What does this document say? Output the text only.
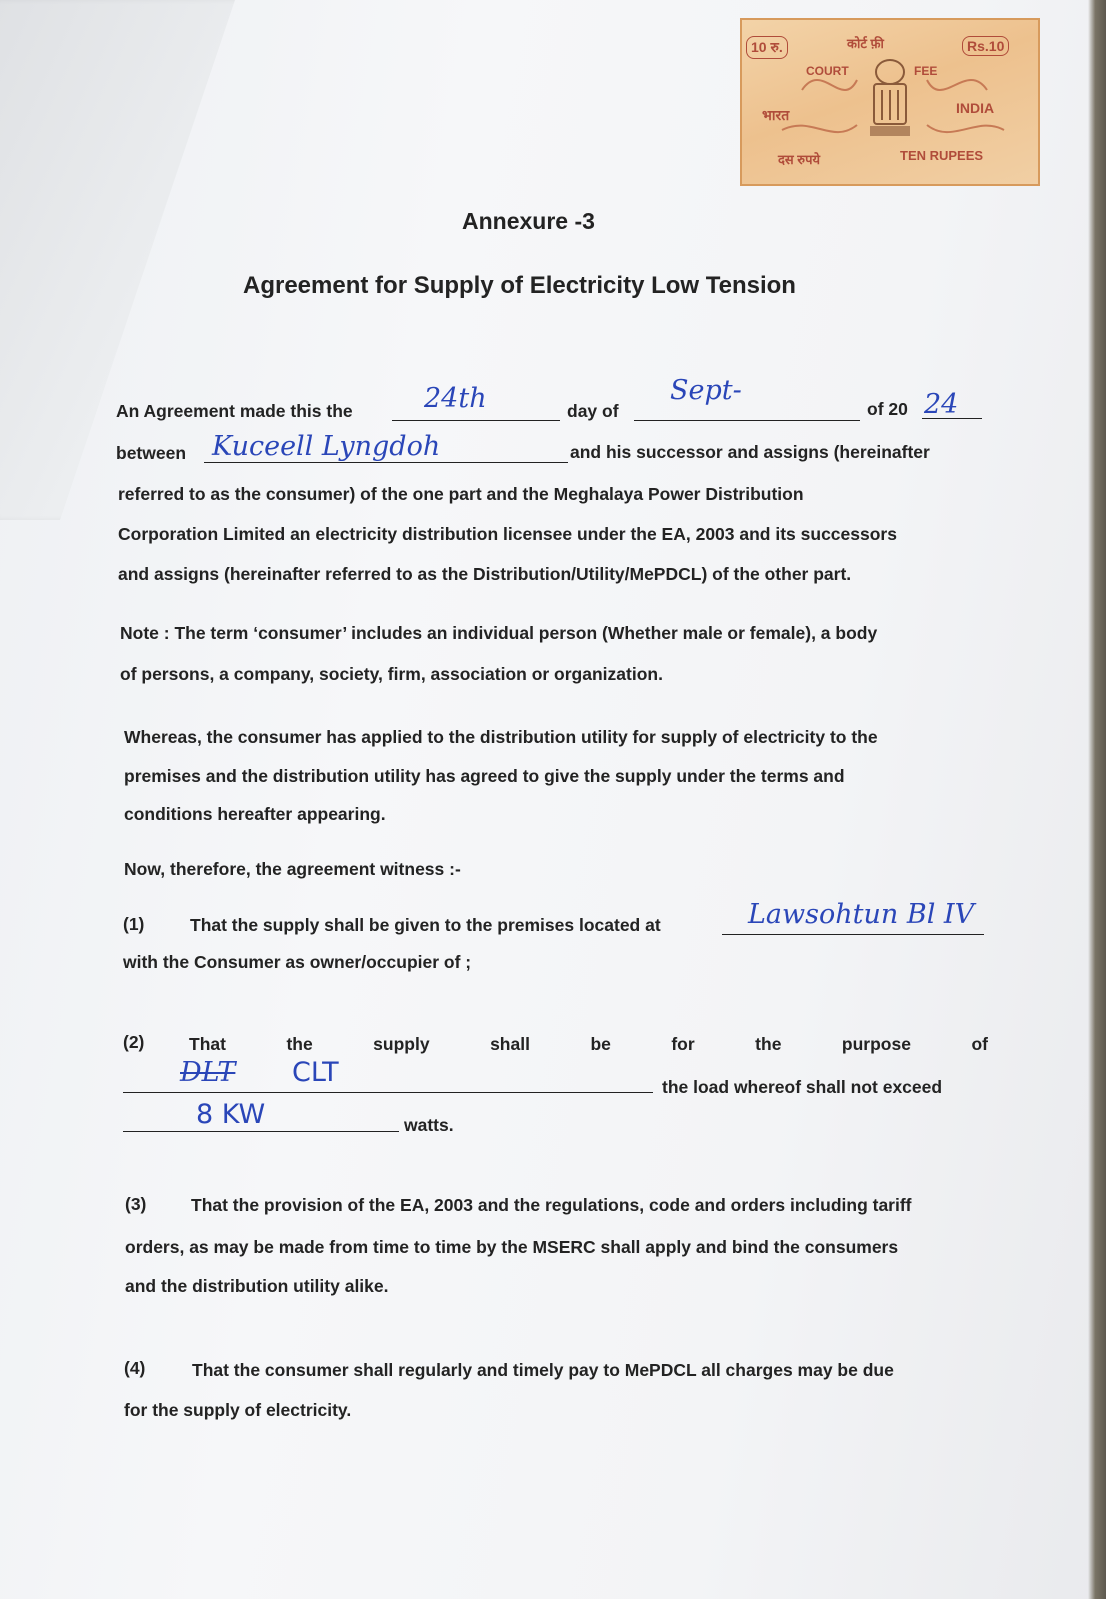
10 रु.	कोर्ट फ़ी	Rs.10
COURT	FEE
भारत	INDIA
दस रुपये	TEN RUPEES
Annexure -3
Agreement for Supply of Electricity Low Tension
An Agreement made this the	24th	day of
Sept-
of 20 24
between Kuceell Lyngdoh	and his successor and assigns (hereinafter
referred to as the consumer) of the one part and the Meghalaya Power Distribution
Corporation Limited an electricity distribution licensee under the EA, 2003 and its successors
and assigns (hereinafter referred to as the Distribution/Utility/MePDCL) of the other part.
Note : The term ‘consumer’ includes an individual person (Whether male or female), a body
of persons, a company, society, firm, association or organization.
Whereas, the consumer has applied to the distribution utility for supply of electricity to the
premises and the distribution utility has agreed to give the supply under the terms and
conditions hereafter appearing.
Now, therefore, the agreement witness :-
(1)	That the supply shall be given to the premises located at	Lawsohtun Bl IV
with the Consumer as owner/occupier of ;
(2)	That	the	supply	shall	be	for	the	purpose	of
DLT CLT	the load whereof shall not exceed
8 KW	watts.
(3)	That the provision of the EA, 2003 and the regulations, code and orders including tariff
orders, as may be made from time to time by the MSERC shall apply and bind the consumers
and the distribution utility alike.
(4)	That the consumer shall regularly and timely pay to MePDCL all charges may be due
for the supply of electricity.
